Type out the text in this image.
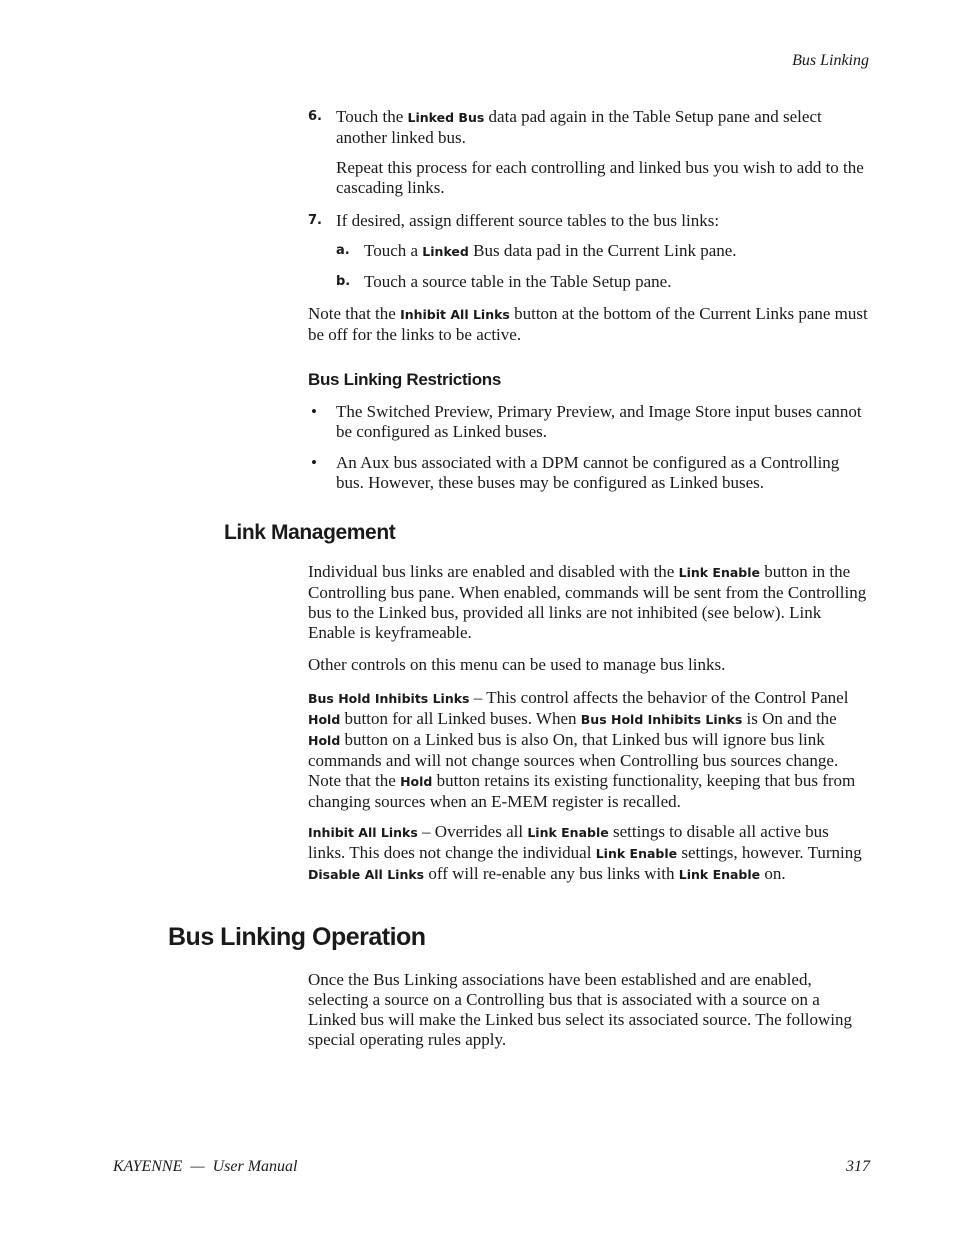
Bus Linking
6. Touch the Linked Bus data pad again in the Table Setup pane and select another linked bus.

Repeat this process for each controlling and linked bus you wish to add to the cascading links.

7. If desired, assign different source tables to the bus links:

a. Touch a Linked Bus data pad in the Current Link pane.

b. Touch a source table in the Table Setup pane.

Note that the Inhibit All Links button at the bottom of the Current Links pane must be off for the links to be active.

Bus Linking Restrictions
• The Switched Preview, Primary Preview, and Image Store input buses cannot be configured as Linked buses.

• An Aux bus associated with a DPM cannot be configured as a Controlling bus. However, these buses may be configured as Linked buses.

Link Management

Individual bus links are enabled and disabled with the Link Enable button in the Controlling bus pane. When enabled, commands will be sent from the Controlling bus to the Linked bus, provided all links are not inhibited (see below). Link Enable is keyframeable.

Other controls on this menu can be used to manage bus links.

Bus Hold Inhibits Links – This control affects the behavior of the Control Panel Hold button for all Linked buses. When Bus Hold Inhibits Links is On and the Hold button on a Linked bus is also On, that Linked bus will ignore bus link commands and will not change sources when Controlling bus sources change. Note that the Hold button retains its existing functionality, keeping that bus from changing sources when an E-MEM register is recalled.

Inhibit All Links – Overrides all Link Enable settings to disable all active bus links. This does not change the individual Link Enable settings, however. Turning Disable All Links off will re-enable any bus links with Link Enable on.

Bus Linking Operation

Once the Bus Linking associations have been established and are enabled, selecting a source on a Controlling bus that is associated with a source on a Linked bus will make the Linked bus select its associated source. The following special operating rules apply.

KAYENNE  —  User Manual	317
